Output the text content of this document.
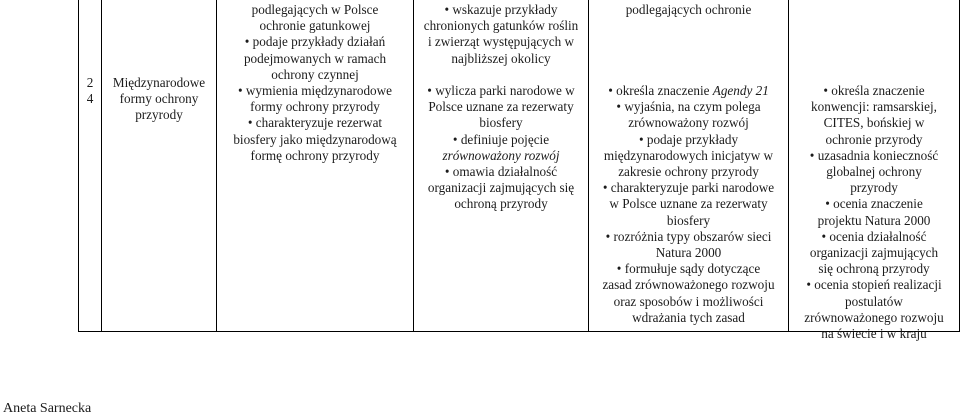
2
4
Międzynarodowe
formy ochrony
przyrody
podlegających w Polsce
ochronie gatunkowej
• podaje przykłady działań
podejmowanych w ramach
ochrony czynnej
• wymienia międzynarodowe
formy ochrony przyrody
• charakteryzuje rezerwat
biosfery jako międzynarodową
formę ochrony przyrody
• wskazuje przykłady
chronionych gatunków roślin
i zwierząt występujących w
najbliższej okolicy
• wylicza parki narodowe w
Polsce uznane za rezerwaty
biosfery
• definiuje pojęcie
zrównoważony rozwój
• omawia działalność
organizacji zajmujących się
ochroną przyrody
podlegających ochronie
• określa znaczenie Agendy 21
• wyjaśnia, na czym polega
zrównoważony rozwój
• podaje przykłady
międzynarodowych inicjatyw w
zakresie ochrony przyrody
• charakteryzuje parki narodowe
w Polsce uznane za rezerwaty
biosfery
• rozróżnia typy obszarów sieci
Natura 2000
• formułuje sądy dotyczące
zasad zrównoważonego rozwoju
oraz sposobów i możliwości
wdrażania tych zasad
• określa znaczenie
konwencji: ramsarskiej,
CITES, bońskiej w
ochronie przyrody
• uzasadnia konieczność
globalnej ochrony
przyrody
• ocenia znaczenie
projektu Natura 2000
• ocenia działalność
organizacji zajmujących
się ochroną przyrody
• ocenia stopień realizacji
postulatów
zrównoważonego rozwoju
na świecie i w kraju
Aneta Sarnecka
